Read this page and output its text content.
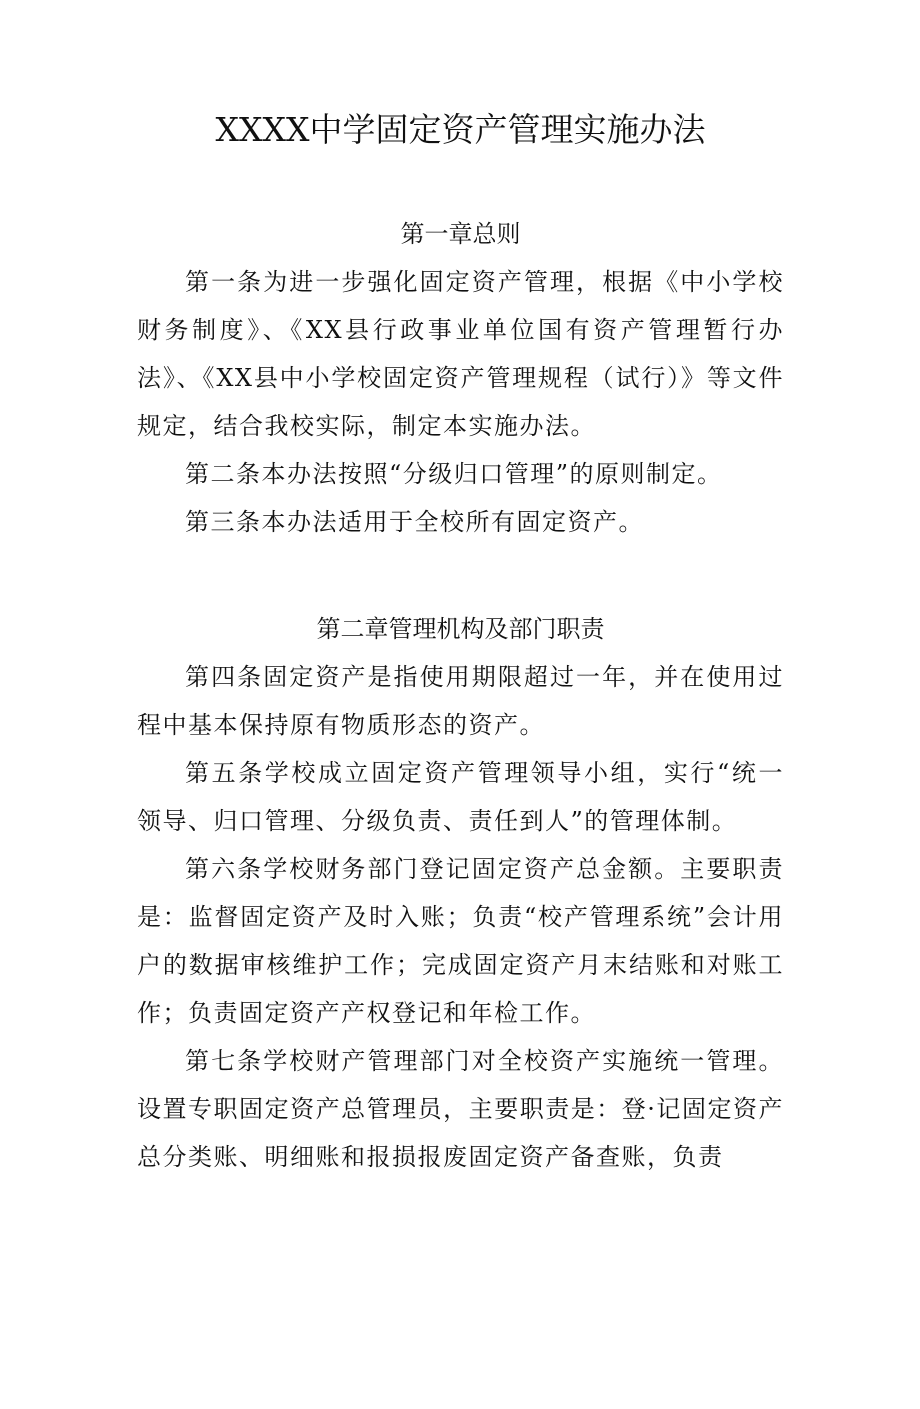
XXXX中学固定资产管理实施办法
第一章总则

第一条为进一步强化固定资产管理，根据《中小学校财务制度》、《XX县行政事业单位国有资产管理暂行办法》、《XX县中小学校固定资产管理规程（试行）》等文件规定，结合我校实际，制定本实施办法。

第二条本办法按照“分级归口管理”的原则制定。

第三条本办法适用于全校所有固定资产。

第二章管理机构及部门职责

第四条固定资产是指使用期限超过一年，并在使用过程中基本保持原有物质形态的资产。

第五条学校成立固定资产管理领导小组，实行“统一领导、归口管理、分级负责、责任到人”的管理体制。

第六条学校财务部门登记固定资产总金额。主要职责是：监督固定资产及时入账；负责“校产管理系统”会计用户的数据审核维护工作；完成固定资产月末结账和对账工作；负责固定资产产权登记和年检工作。

第七条学校财产管理部门对全校资产实施统一管理。设置专职固定资产总管理员，主要职责是：登·记固定资产总分类账、明细账和报损报废固定资产备查账，负责
